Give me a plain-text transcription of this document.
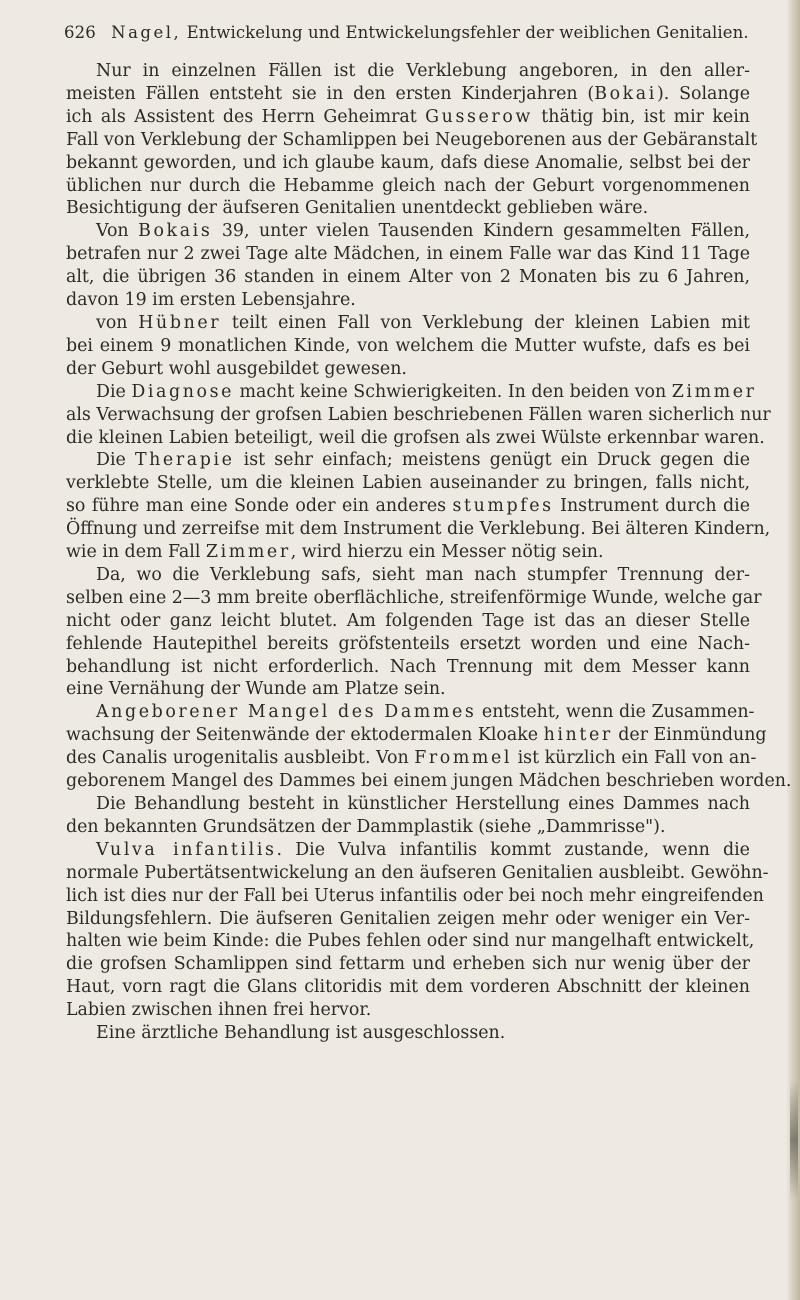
626 Nagel, Entwickelung und Entwickelungsfehler der weiblichen Genitalien.
Nur in einzelnen Fällen ist die Verklebung angeboren, in den aller-
meisten Fällen entsteht sie in den ersten Kinderjahren (Bokai). Solange
ich als Assistent des Herrn Geheimrat Gusserow thätig bin, ist mir kein
Fall von Verklebung der Schamlippen bei Neugeborenen aus der Gebäranstalt
bekannt geworden, und ich glaube kaum, dafs diese Anomalie, selbst bei der
üblichen nur durch die Hebamme gleich nach der Geburt vorgenommenen
Besichtigung der äufseren Genitalien unentdeckt geblieben wäre.
Von Bokais 39, unter vielen Tausenden Kindern gesammelten Fällen,
betrafen nur 2 zwei Tage alte Mädchen, in einem Falle war das Kind 11 Tage
alt, die übrigen 36 standen in einem Alter von 2 Monaten bis zu 6 Jahren,
davon 19 im ersten Lebensjahre.
von Hübner teilt einen Fall von Verklebung der kleinen Labien mit
bei einem 9 monatlichen Kinde, von welchem die Mutter wufste, dafs es bei
der Geburt wohl ausgebildet gewesen.
Die Diagnose macht keine Schwierigkeiten. In den beiden von Zimmer
als Verwachsung der grofsen Labien beschriebenen Fällen waren sicherlich nur
die kleinen Labien beteiligt, weil die grofsen als zwei Wülste erkennbar waren.
Die Therapie ist sehr einfach; meistens genügt ein Druck gegen die
verklebte Stelle, um die kleinen Labien auseinander zu bringen, falls nicht,
so führe man eine Sonde oder ein anderes stumpfes Instrument durch die
Öffnung und zerreifse mit dem Instrument die Verklebung. Bei älteren Kindern,
wie in dem Fall Zimmer, wird hierzu ein Messer nötig sein.
Da, wo die Verklebung safs, sieht man nach stumpfer Trennung der-
selben eine 2—3 mm breite oberflächliche, streifenförmige Wunde, welche gar
nicht oder ganz leicht blutet. Am folgenden Tage ist das an dieser Stelle
fehlende Hautepithel bereits gröfstenteils ersetzt worden und eine Nach-
behandlung ist nicht erforderlich. Nach Trennung mit dem Messer kann
eine Vernähung der Wunde am Platze sein.
Angeborener Mangel des Dammes entsteht, wenn die Zusammen-
wachsung der Seitenwände der ektodermalen Kloake hinter der Einmündung
des Canalis urogenitalis ausbleibt. Von Frommel ist kürzlich ein Fall von an-
geborenem Mangel des Dammes bei einem jungen Mädchen beschrieben worden.
Die Behandlung besteht in künstlicher Herstellung eines Dammes nach
den bekannten Grundsätzen der Dammplastik (siehe „Dammrisse").
Vulva infantilis. Die Vulva infantilis kommt zustande, wenn die
normale Pubertätsentwickelung an den äufseren Genitalien ausbleibt. Gewöhn-
lich ist dies nur der Fall bei Uterus infantilis oder bei noch mehr eingreifenden
Bildungsfehlern. Die äufseren Genitalien zeigen mehr oder weniger ein Ver-
halten wie beim Kinde: die Pubes fehlen oder sind nur mangelhaft entwickelt,
die grofsen Schamlippen sind fettarm und erheben sich nur wenig über der
Haut, vorn ragt die Glans clitoridis mit dem vorderen Abschnitt der kleinen
Labien zwischen ihnen frei hervor.
Eine ärztliche Behandlung ist ausgeschlossen.
